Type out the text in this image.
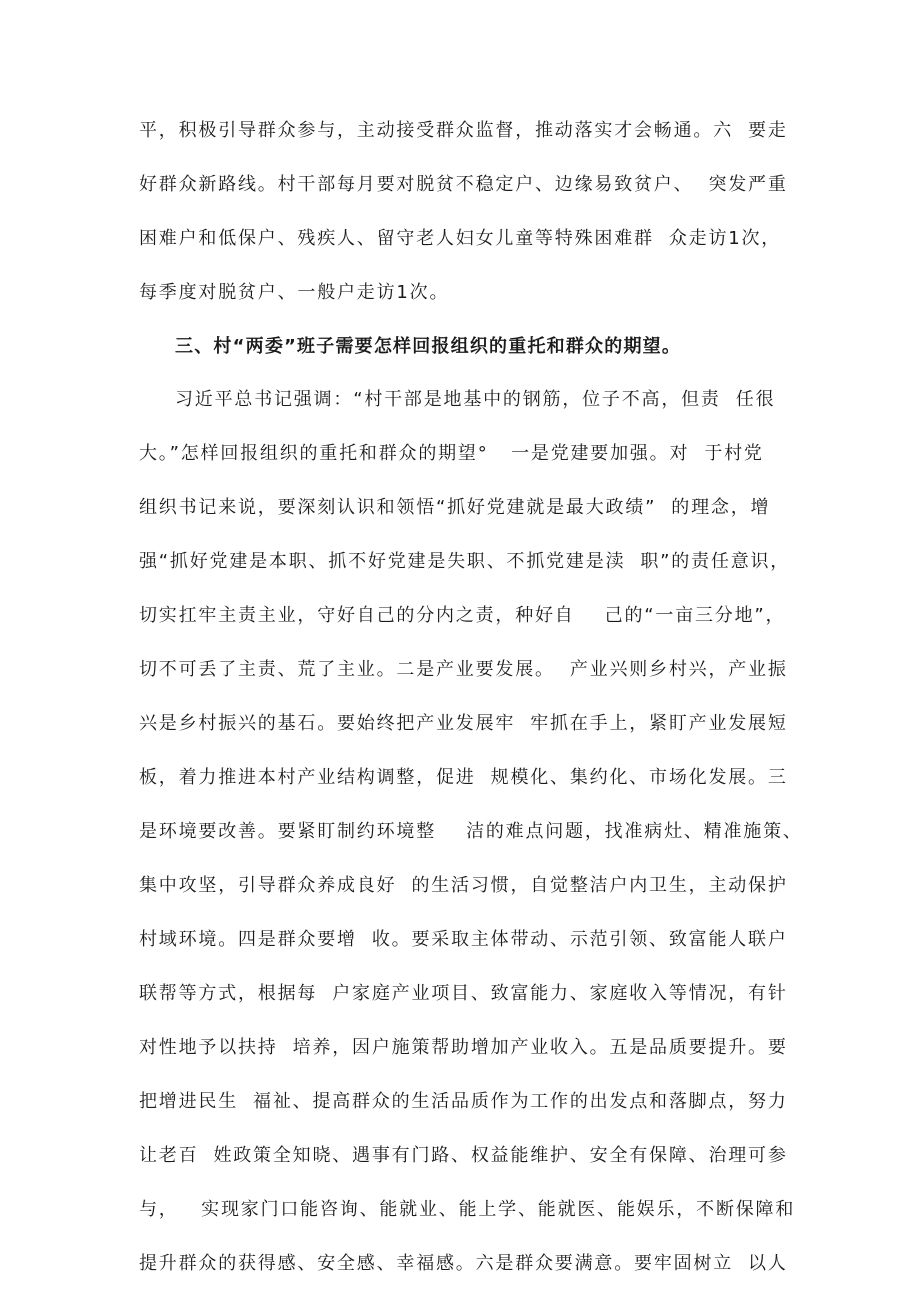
平，积极引导群众参与，主动接受群众监督，推动落实才会畅通。六  要走
好群众新路线。村干部每月要对脱贫不稳定户、边缘易致贫户、  突发严重
困难户和低保户、残疾人、留守老人妇女儿童等特殊困难群  众走访1次，
每季度对脱贫户、一般户走访1次。
三、村“两委”班子需要怎样回报组织的重托和群众的期望。
习近平总书记强调：“村干部是地基中的钢筋，位子不高，但责  任很
大。”怎样回报组织的重托和群众的期望°   一是党建要加强。对  于村党
组织书记来说，要深刻认识和领悟“抓好党建就是最大政绩”  的理念，增
强“抓好党建是本职、抓不好党建是失职、不抓党建是渎  职”的责任意识，
切实扛牢主责主业，守好自己的分内之责，种好自    己的“一亩三分地”，
切不可丢了主责、荒了主业。二是产业要发展。  产业兴则乡村兴，产业振
兴是乡村振兴的基石。要始终把产业发展牢  牢抓在手上，紧盯产业发展短
板，着力推进本村产业结构调整，促进  规模化、集约化、市场化发展。三
是环境要改善。要紧盯制约环境整    洁的难点问题，找准病灶、精准施策、
集中攻坚，引导群众养成良好  的生活习惯，自觉整洁户内卫生，主动保护
村域环境。四是群众要增  收。要采取主体带动、示范引领、致富能人联户
联帮等方式，根据每  户家庭产业项目、致富能力、家庭收入等情况，有针
对性地予以扶持  培养，因户施策帮助增加产业收入。五是品质要提升。要
把增进民生  福祉、提高群众的生活品质作为工作的出发点和落脚点，努力
让老百  姓政策全知晓、遇事有门路、权益能维护、安全有保障、治理可参
与，   实现家门口能咨询、能就业、能上学、能就医、能娱乐，不断保障和
提升群众的获得感、安全感、幸福感。六是群众要满意。要牢固树立  以人
